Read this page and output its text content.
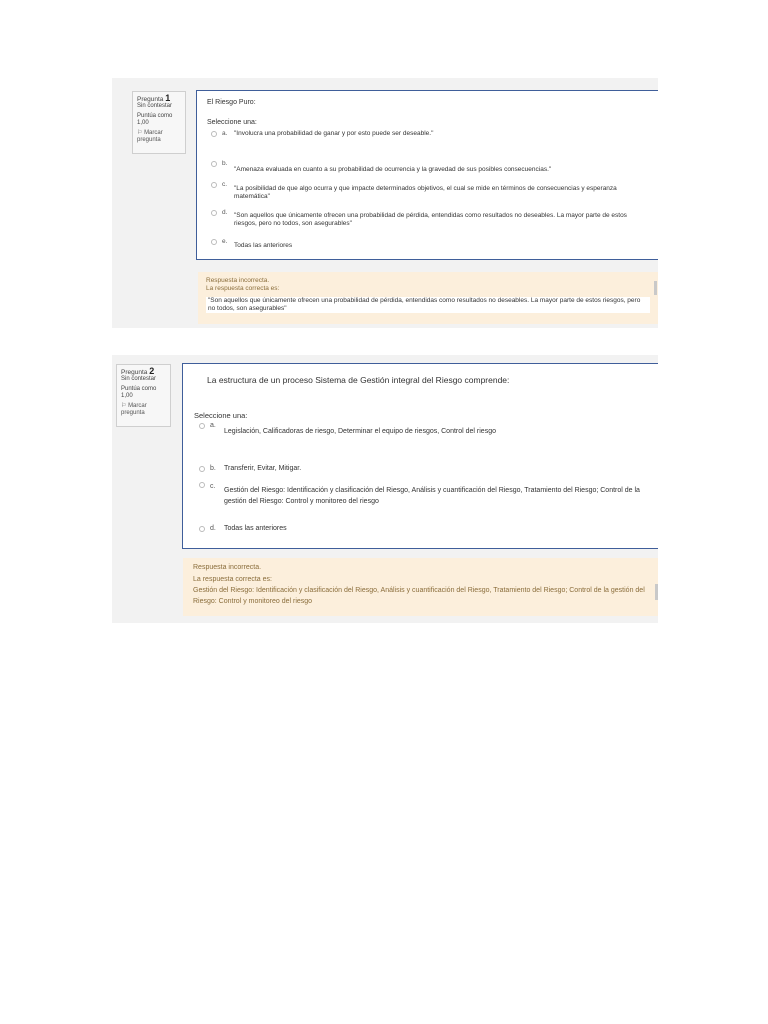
Pregunta 1
Sin contestar
Puntúa como 1,00
⚐ Marcar pregunta
El Riesgo Puro:
Seleccione una:
a.	"Involucra una probabilidad de ganar y por esto puede ser deseable."
b.
"Amenaza evaluada en cuanto a su probabilidad de ocurrencia y la gravedad de sus posibles consecuencias."
c.
"La posibilidad de que algo ocurra y que impacte determinados objetivos, el cual se mide en términos de consecuencias y esperanza matemática"
d.	"Son aquellos que únicamente ofrecen una probabilidad de pérdida, entendidas como resultados no deseables. La mayor parte de estos riesgos, pero no todos, son asegurables"
e.
Todas las anteriores
Respuesta incorrecta.
La respuesta correcta es:
"Son aquellos que únicamente ofrecen una probabilidad de pérdida, entendidas como resultados no deseables. La mayor parte de estos riesgos, pero no todos, son asegurables"
Pregunta 2
Sin contestar
Puntúa como 1,00
⚐ Marcar pregunta
La estructura de un proceso Sistema de Gestión integral del Riesgo comprende:
Seleccione una:
a.
Legislación, Calificadoras de riesgo, Determinar el equipo de riesgos, Control del riesgo
b.	Transferir, Evitar, Mitigar.
c.
Gestión del Riesgo: Identificación y clasificación del Riesgo, Análisis y cuantificación del Riesgo, Tratamiento del Riesgo; Control de la gestión del Riesgo: Control y monitoreo del riesgo
d.	Todas las anteriores
Respuesta incorrecta.
La respuesta correcta es:
Gestión del Riesgo: Identificación y clasificación del Riesgo, Análisis y cuantificación del Riesgo, Tratamiento del Riesgo; Control de la gestión del Riesgo: Control y monitoreo del riesgo
